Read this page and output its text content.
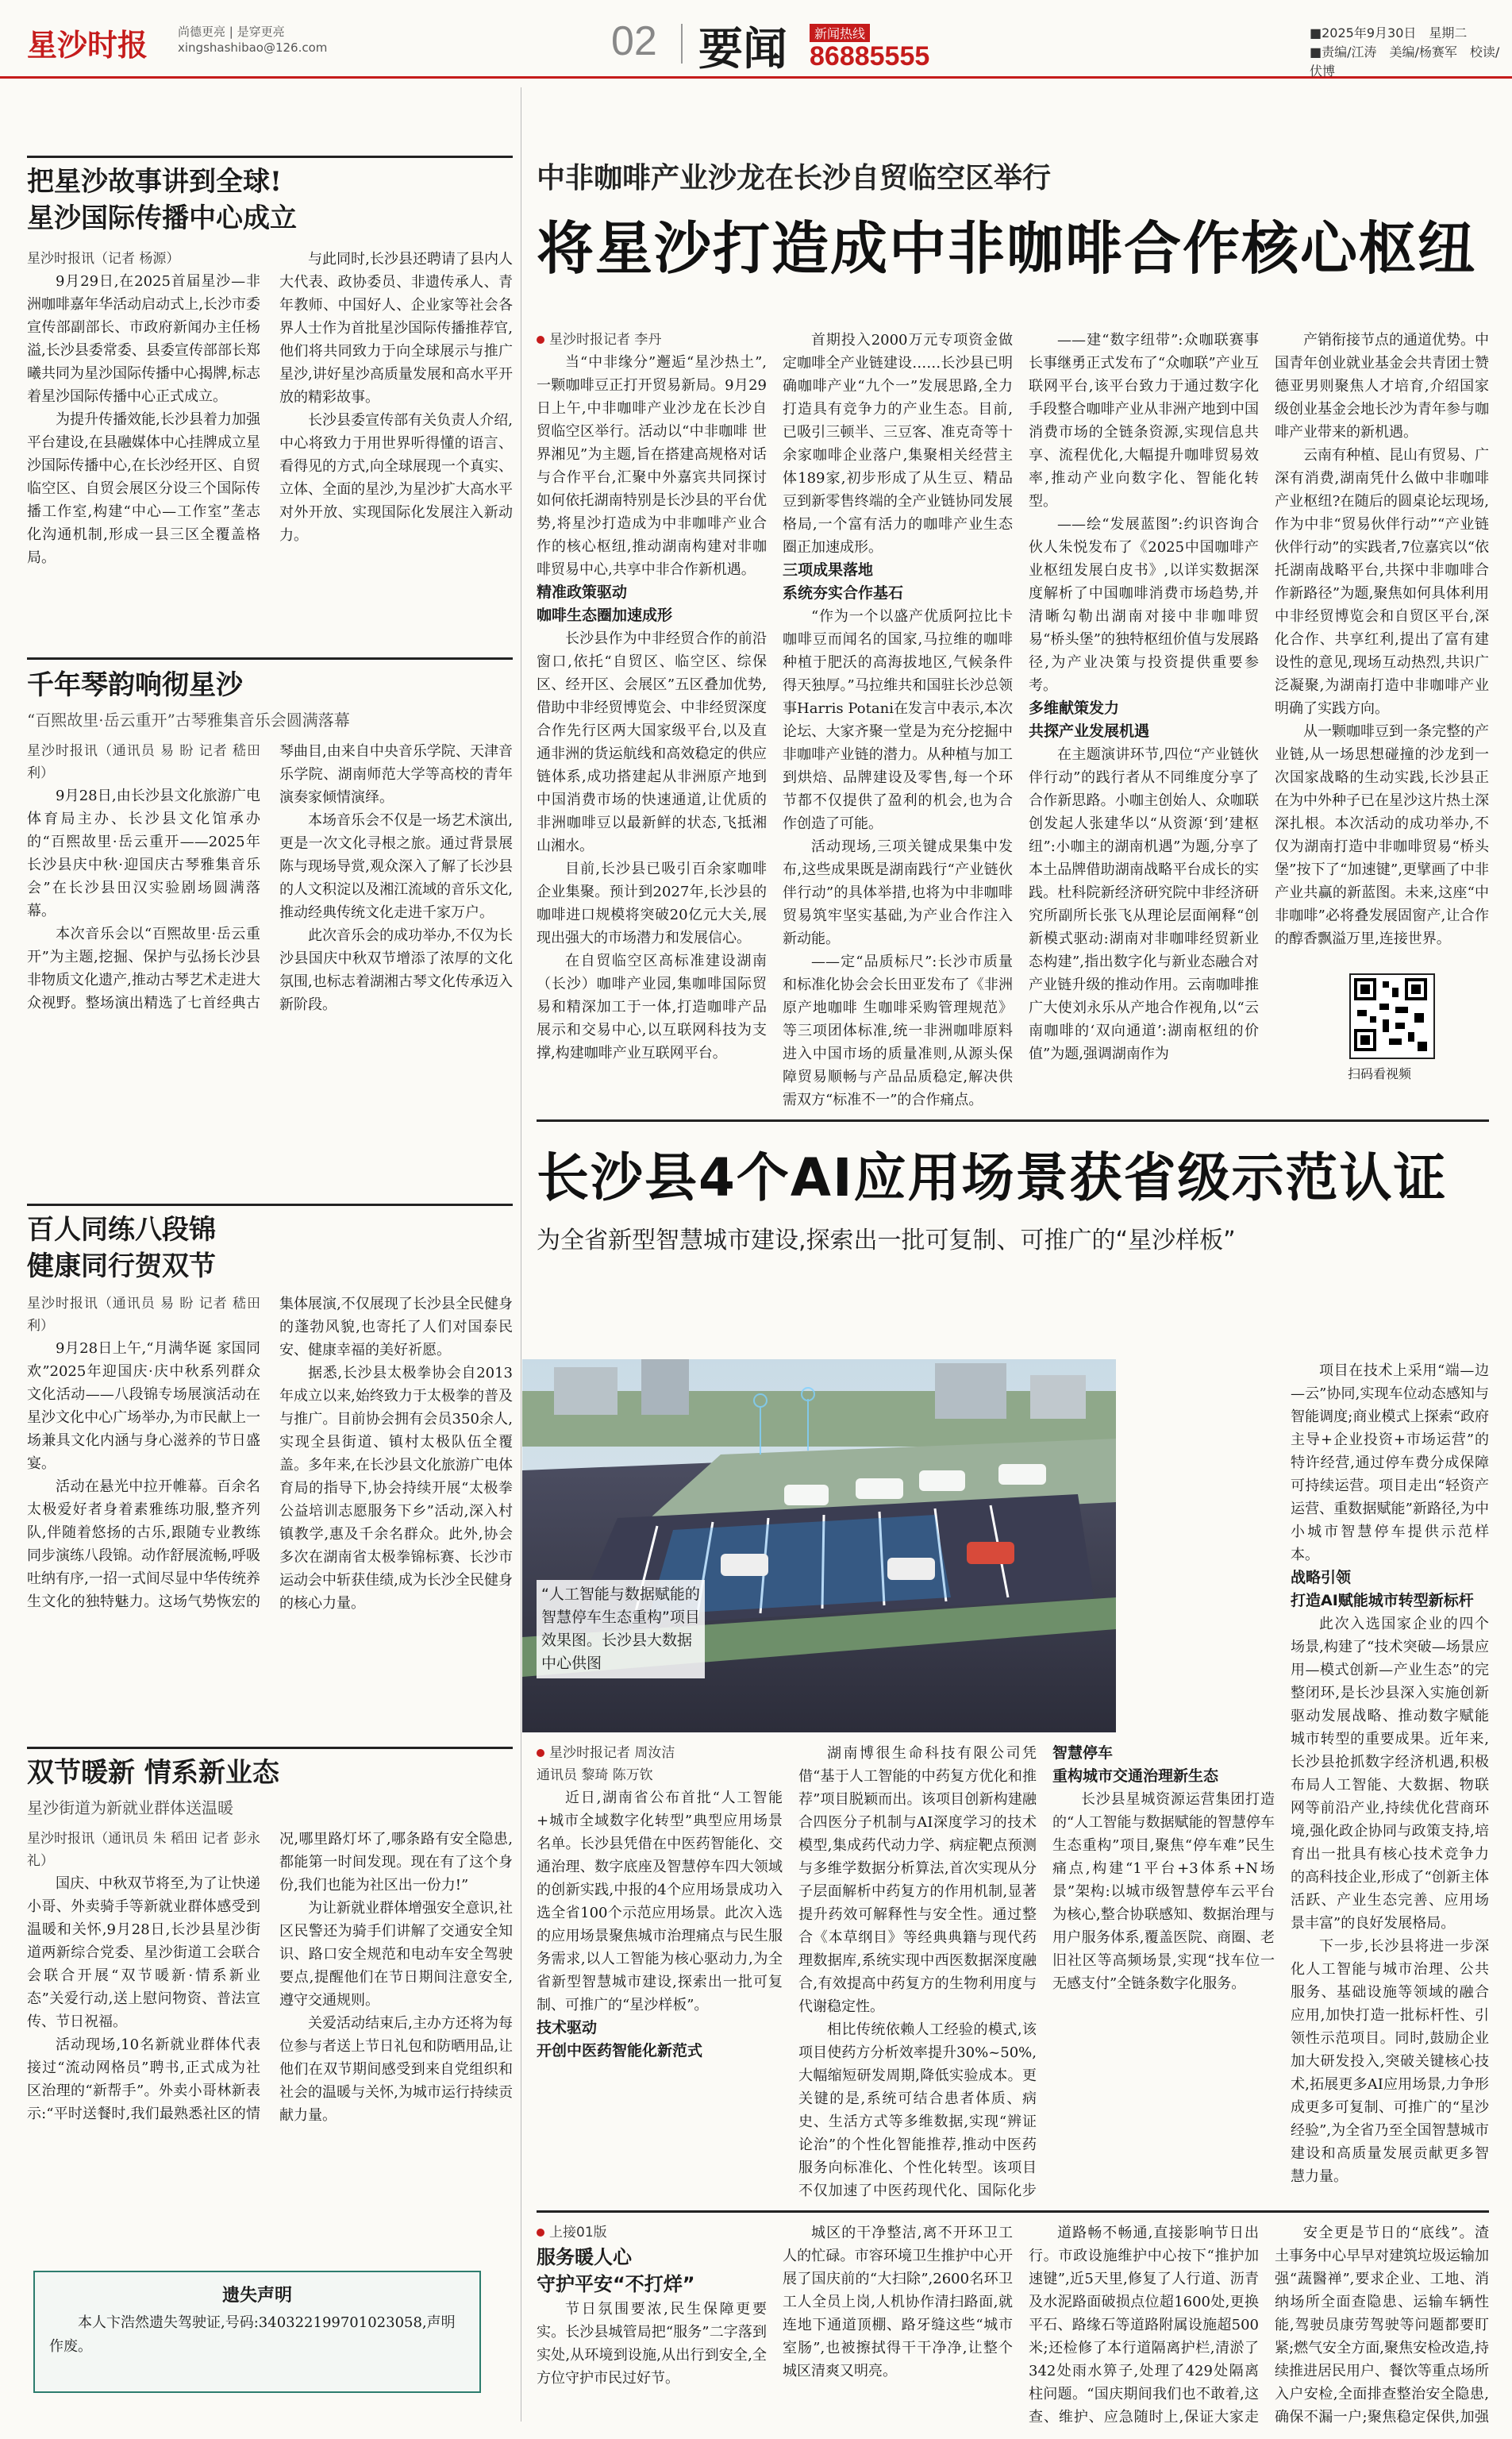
星沙时报	尚德更亮 | 是穿更亮
xingshashibao@126.com	02 要闻	新闻热线
86885555
■2025年9月30日　星期二
■责编/江涛　美编/杨赛军　校读/伏博
把星沙故事讲到全球!
星沙国际传播中心成立

星沙时报讯（记者 杨源）

9月29日,在2025首届星沙—非洲咖啡嘉年华活动启动式上,长沙市委宣传部副部长、市政府新闻办主任杨溢,长沙县委常委、县委宣传部部长郑曦共同为星沙国际传播中心揭牌,标志着星沙国际传播中心正式成立。

为提升传播效能,长沙县着力加强平台建设,在县融媒体中心挂牌成立星沙国际传播中心,在长沙经开区、自贸临空区、自贸会展区分设三个国际传播工作室,构建“中心—工作室”垄志化沟通机制,形成一县三区全覆盖格局。

与此同时,长沙县还聘请了县内人大代表、政协委员、非遗传承人、青年教师、中国好人、企业家等社会各界人士作为首批星沙国际传播推荐官,他们将共同致力于向全球展示与推广星沙,讲好星沙高质量发展和高水平开放的精彩故事。

长沙县委宣传部有关负责人介绍,中心将致力于用世界听得懂的语言、看得见的方式,向全球展现一个真实、立体、全面的星沙,为星沙扩大高水平对外开放、实现国际化发展注入新动力。

千年琴韵响彻星沙
“百煕故里·岳云重开”古琴雅集音乐会圆满落幕

星沙时报讯（通讯员 易 盼 记者 嵇田利）

9月28日,由长沙县文化旅游广电体育局主办、长沙县文化馆承办的“百煕故里·岳云重开——2025年长沙县庆中秋·迎国庆古琴雅集音乐会”在长沙县田汉实验剧场圆满落幕。

本次音乐会以“百煕故里·岳云重开”为主题,挖掘、保护与弘扬长沙县非物质文化遗产,推动古琴艺术走进大众视野。整场演出精选了七首经典古琴曲目,由来自中央音乐学院、天津音乐学院、湖南师范大学等高校的青年演奏家倾情演绎。

本场音乐会不仅是一场艺术演出,更是一次文化寻根之旅。通过背景展陈与现场导赏,观众深入了解了长沙县的人文积淀以及湘江流域的音乐文化,推动经典传统文化走进千家万户。

此次音乐会的成功举办,不仅为长沙县国庆中秋双节增添了浓厚的文化氛围,也标志着湖湘古琴文化传承迈入新阶段。

百人同练八段锦
健康同行贺双节

星沙时报讯（通讯员 易 盼 记者 嵇田利）

9月28日上午,“月满华诞 家国同欢”2025年迎国庆·庆中秋系列群众文化活动——八段锦专场展演活动在星沙文化中心广场举办,为市民献上一场兼具文化内涵与身心滋养的节日盛宴。

活动在悬光中拉开帷幕。百余名太极爱好者身着素雅练功服,整齐列队,伴随着悠扬的古乐,跟随专业教练同步演练八段锦。动作舒展流畅,呼吸吐纳有序,一招一式间尽显中华传统养生文化的独特魅力。这场气势恢宏的集体展演,不仅展现了长沙县全民健身的蓬勃风貌,也寄托了人们对国泰民安、健康幸福的美好祈愿。

据悉,长沙县太极拳协会自2013年成立以来,始终致力于太极拳的普及与推广。目前协会拥有会员350余人,实现全县街道、镇村太极队伍全覆盖。多年来,在长沙县文化旅游广电体育局的指导下,协会持续开展“太极拳公益培训志愿服务下乡”活动,深入村镇教学,惠及千余名群众。此外,协会多次在湖南省太极拳锦标赛、长沙市运动会中斩获佳绩,成为长沙全民健身的核心力量。

双节暖新 情系新业态
星沙街道为新就业群体送温暖

星沙时报讯（通讯员 朱 稻田 记者 彭永礼）

国庆、中秋双节将至,为了让快递小哥、外卖骑手等新就业群体感受到温暖和关怀,9月28日,长沙县星沙街道两新综合党委、星沙街道工会联合会联合开展“双节暖新·情系新业态”关爱行动,送上慰问物资、普法宣传、节日祝福。

活动现场,10名新就业群体代表接过“流动网格员”聘书,正式成为社区治理的“新帮手”。外卖小哥林新表示:“平时送餐时,我们最熟悉社区的情况,哪里路灯坏了,哪条路有安全隐患,都能第一时间发现。现在有了这个身份,我们也能为社区出一份力!”

为让新就业群体增强安全意识,社区民警还为骑手们讲解了交通安全知识、路口安全规范和电动车安全驾驶要点,提醒他们在节日期间注意安全,遵守交通规则。

关爱活动结束后,主办方还将为每位参与者送上节日礼包和防晒用品,让他们在双节期间感受到来自党组织和社会的温暖与关怀,为城市运行持续贡献力量。

遗失声明

本人卞浩然遗失驾驶证,号码:340322199701023058,声明作废。

中非咖啡产业沙龙在长沙自贸临空区举行
将星沙打造成中非咖啡合作核心枢纽

星沙时报记者 李丹

当“中非缘分”邂逅“星沙热土”,一颗咖啡豆正打开贸易新局。9月29日上午,中非咖啡产业沙龙在长沙自贸临空区举行。活动以“中非咖啡 世界湘见”为主题,旨在搭建高规格对话与合作平台,汇聚中外嘉宾共同探讨如何依托湖南特别是长沙县的平台优势,将星沙打造成为中非咖啡产业合作的核心枢纽,推动湖南构建对非咖啡贸易中心,共享中非合作新机遇。

精准政策驱动

咖啡生态圈加速成形

长沙县作为中非经贸合作的前沿窗口,依托“自贸区、临空区、综保区、经开区、会展区”五区叠加优势,借助中非经贸博览会、中非经贸深度合作先行区两大国家级平台,以及直通非洲的货运航线和高效稳定的供应链体系,成功搭建起从非洲原产地到中国消费市场的快速通道,让优质的非洲咖啡豆以最新鲜的状态,飞抵湘山湘水。

目前,长沙县已吸引百余家咖啡企业集聚。预计到2027年,长沙县的咖啡进口规模将突破20亿元大关,展现出强大的市场潜力和发展信心。

在自贸临空区高标准建设湖南（长沙）咖啡产业园,集咖啡国际贸易和精深加工于一体,打造咖啡产品展示和交易中心,以互联网科技为支撑,构建咖啡产业互联网平台。

首期投入2000万元专项资金做定咖啡全产业链建设……长沙县已明确咖啡产业“九个一”发展思路,全力打造具有竞争力的产业生态。目前,已吸引三顿半、三豆客、准克奇等十余家咖啡企业落户,集聚相关经营主体189家,初步形成了从生豆、精品豆到新零售终端的全产业链协同发展格局,一个富有活力的咖啡产业生态圈正加速成形。

三项成果落地

系统夯实合作基石

“作为一个以盛产优质阿拉比卡咖啡豆而闻名的国家,马拉维的咖啡种植于肥沃的高海拔地区,气候条件得天独厚。”马拉维共和国驻长沙总领事Harris Potani在发言中表示,本次论坛、大家齐聚一堂是为充分挖掘中非咖啡产业链的潜力。从种植与加工到烘焙、品牌建设及零售,每一个环节都不仅提供了盈利的机会,也为合作创造了可能。

活动现场,三项关键成果集中发布,这些成果既是湖南践行“产业链伙伴行动”的具体举措,也将为中非咖啡贸易筑牢坚实基础,为产业合作注入新动能。

——定“品质标尺”:长沙市质量和标准化协会会长田亚发布了《非洲原产地咖啡 生咖啡采购管理规范》等三项团体标准,统一非洲咖啡原料进入中国市场的质量准则,从源头保障贸易顺畅与产品品质稳定,解决供需双方“标准不一”的合作痛点。

——建“数字纽带”:众咖联赛事长事继勇正式发布了“众咖联”产业互联网平台,该平台致力于通过数字化手段整合咖啡产业从非洲产地到中国消费市场的全链条资源,实现信息共享、流程优化,大幅提升咖啡贸易效率,推动产业向数字化、智能化转型。

——绘“发展蓝图”:约识咨询合伙人朱悦发布了《2025中国咖啡产业枢纽发展白皮书》,以详实数据深度解析了中国咖啡消费市场趋势,并清晰勾勒出湖南对接中非咖啡贸易“桥头堡”的独特枢纽价值与发展路径,为产业决策与投资提供重要参考。

多维献策发力

共探产业发展机遇

在主题演讲环节,四位“产业链伙伴行动”的践行者从不同维度分享了合作新思路。小咖主创始人、众咖联创发起人张建华以“从资源‘到’建枢纽”:小咖主的湖南机遇”为题,分享了本土品牌借助湖南战略平台成长的实践。杜科院新经济研究院中非经济研究所副所长张飞从理论层面阐释“创新模式驱动:湖南对非咖啡经贸新业态构建”,指出数字化与新业态融合对产业链升级的推动作用。云南咖啡推广大使刘永乐从产地合作视角,以“云南咖啡的‘双向通道’:湖南枢纽的价值”为题,强调湖南作为

产销衔接节点的通道优势。中国青年创业就业基金会共青团士赞德亚男则聚焦人才培育,介绍国家级创业基金会地长沙为青年参与咖啡产业带来的新机遇。

云南有种植、昆山有贸易、广深有消费,湖南凭什么做中非咖啡产业枢纽?在随后的圆桌论坛现场,作为中非“贸易伙伴行动”“产业链伙伴行动”的实践者,7位嘉宾以“依托湖南战略平台,共探中非咖啡合作新路径”为题,聚焦如何具体利用中非经贸博览会和自贸区平台,深化合作、共享红利,提出了富有建设性的意见,现场互动热烈,共识广泛凝聚,为湖南打造中非咖啡产业明确了实践方向。

从一颗咖啡豆到一条完整的产业链,从一场思想碰撞的沙龙到一次国家战略的生动实践,长沙县正在为中外种子已在星沙这片热土深深扎根。本次活动的成功举办,不仅为湖南打造中非咖啡贸易“桥头堡”按下了“加速键”,更擘画了中非产业共赢的新蓝图。未来,这座“中非咖啡”必将叠发展固窗产,让合作的醇香飘溢万里,连接世界。

扫码看视频
长沙县4个AI应用场景获省级示范认证
为全省新型智慧城市建设,探索出一批可复制、可推广的“星沙样板”
“人工智能与数据赋能的智慧停车生态重构”项目效果图。长沙县大数据中心供图

星沙时报记者 周汝洁

通讯员 黎琦 陈万钦

近日,湖南省公布首批“人工智能+城市全域数字化转型”典型应用场景名单。长沙县凭借在中医药智能化、交通治理、数字底座及智慧停车四大领域的创新实践,中报的4个应用场景成功入选全省100个示范应用场景。此次入选的应用场景聚焦城市治理痛点与民生服务需求,以人工智能为核心驱动力,为全省新型智慧城市建设,探索出一批可复制、可推广的“星沙样板”。

技术驱动

开创中医药智能化新范式

湖南博很生命科技有限公司凭借“基于人工智能的中药复方优化和推荐”项目脱颖而出。该项目创新构建融合四医分子机制与AI深度学习的技术模型,集成药代动力学、病症靶点预测与多维学数据分析算法,首次实现从分子层面解析中药复方的作用机制,显著提升药效可解释性与安全性。通过整合《本草纲目》等经典典籍与现代药理数据库,系统实现中西医数据深度融合,有效提高中药复方的生物利用度与代谢稳定性。

相比传统依赖人工经验的模式,该项目使药方分析效率提升30%~50%,大幅缩短研发周期,降低实验成本。更关键的是,系统可结合患者体质、病史、生活方式等多维数据,实现“辨证论治”的个性化智能推荐,推动中医药服务向标准化、个性化转型。该项目不仅加速了中医药现代化、国际化步

智慧停车

重构城市交通治理新生态

长沙县星城资源运营集团打造的“人工智能与数据赋能的智慧停车生态重构”项目,聚焦“停车难”民生痛点,构建“1平台+3体系+N场景”架构:以城市级智慧停车云平台为核心,整合协联感知、数据治理与用户服务体系,覆盖医院、商圈、老旧社区等高频场景,实现“找车位一无感支付”全链条数字化服务。

项目在技术上采用“端—边—云”协同,实现车位动态感知与智能调度;商业模式上探索“政府主导+企业投资+市场运营”的特许经营,通过停车费分成保障可持续运营。项目走出“轻资产运营、重数据赋能”新路径,为中小城市智慧停车提供示范样本。

战略引领

打造AI赋能城市转型新标杆

此次入选国家企业的四个场景,构建了“技术突破—场景应用—模式创新—产业生态”的完整闭环,是长沙县深入实施创新驱动发展战略、推动数字赋能城市转型的重要成果。近年来,长沙县抢抓数字经济机遇,积极布局人工智能、大数据、物联网等前沿产业,持续优化营商环境,强化政企协同与政策支持,培育出一批具有核心技术竞争力的高科技企业,形成了“创新主体活跃、产业生态完善、应用场景丰富”的良好发展格局。

下一步,长沙县将进一步深化人工智能与城市治理、公共服务、基础设施等领域的融合应用,加快打造一批标杆性、引领性示范项目。同时,鼓励企业加大研发投入,突破关键核心技术,拓展更多AI应用场景,力争形成更多可复制、可推广的“星沙经验”,为全省乃至全国智慧城市建设和高质量发展贡献更多智慧力量。

上接01版

服务暖人心

守护平安“不打烊”

节日氛围要浓,民生保障更要实。长沙县城管局把“服务”二字落到实处,从环境到设施,从出行到安全,全方位守护市民过好节。

城区的干净整洁,离不开环卫工人的忙碌。市容环境卫生推护中心开展了国庆前的“大扫除”,2600名环卫工人全员上岗,人机协作清扫路面,就连地下通道顶棚、路牙缝这些“城市室肠”,也被擦拭得干干净净,让整个城区清爽又明亮。

道路畅不畅通,直接影响节日出行。市政设施维护中心按下“推护加速键”,近5天里,修复了人行道、沥青及水泥路面破损点位超1600处,更换平石、路缘石等道路附属设施超500米;还检修了本行道隔离护栏,清淤了342处雨水箅子,处理了429处隔离柱问题。“国庆期间我们也不敢着,这查、维护、应急随时上,保证大家走

安全更是节日的“底线”。渣土事务中心早早对建筑垃圾运输加强“蔬醫禅”,要求企业、工地、消纳场所全面查隐患、运输车辆性能,驾驶员康劳驾驶等问题都要盯紧;燃气安全方面,聚焦安检改造,持续推进居民用户、餐饮等重点场所入户安检,全面排查整治安全隐患,确保不漏一户;聚焦稳定保供,加强
